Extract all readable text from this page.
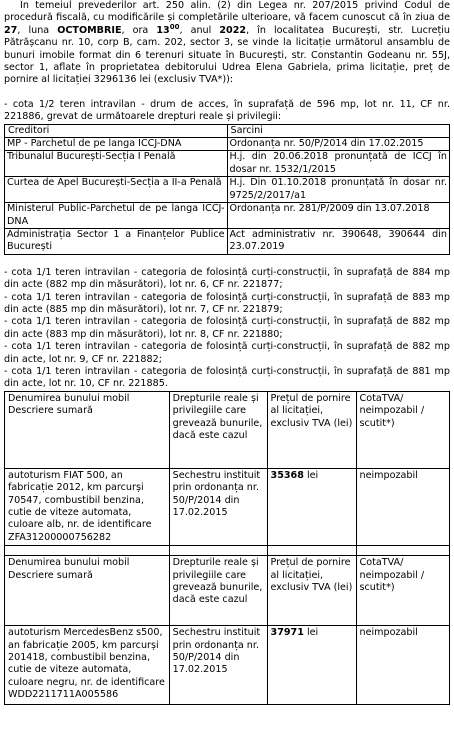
În temeiul prevederilor art. 250 alin. (2) din Legea nr. 207/2015 privind Codul de procedură fiscală, cu modificările și completările ulterioare, vă facem cunoscut că în ziua de 27, luna OCTOMBRIE, ora $13^{00}$, anul 2022, în localitatea București, str. Lucrețiu Pătrășcanu nr. 10, corp B, cam. 202, sector 3, se vinde la licitație următorul ansamblu de bunuri imobile format din 6 terenuri situate în București, str. Constantin Godeanu nr. 55J, sector 1, aflate în proprietatea debitorului Udrea Elena Gabriela, prima licitație, preț de pornire al licitației 3296136 lei (exclusiv TVA*)):

- cota 1/2 teren intravilan - drum de acces, în suprafață de 596 mp, lot nr. 11, CF nr. 221886, grevat de următoarele drepturi reale și privilegii:

Creditori	Sarcini
MP - Parchetul de pe langa ICCJ-DNA	Ordonanța nr. 50/P/2014 din 17.02.2015
Tribunalul București-Secția I Penală	H.j. din 20.06.2018 pronunțată de ICCJ în dosar nr. 1532/1/2015
Curtea de Apel București-Secția a II-a Penală	H.j. Din 01.10.2018 pronunțată în dosar nr. 9725/2/2017/a1
Ministerul Public-Parchetul de pe langa ICCJ-DNA	Ordonanța nr. 281/P/2009 din 13.07.2018
Administrația Sector 1 a Finanțelor Publice București	Act administrativ nr. 390648, 390644 din 23.07.2019

- cota 1/1 teren intravilan - categoria de folosință curți-construcții, în suprafață de 884 mp din acte (882 mp din măsurători), lot nr. 6, CF nr. 221877;

- cota 1/1 teren intravilan - categoria de folosință curți-construcții, în suprafață de 883 mp din acte (885 mp din măsurători), lot nr. 7, CF nr. 221879;

- cota 1/1 teren intravilan - categoria de folosință curți-construcții, în suprafață de 882 mp din acte (883 mp din măsurători), lot nr. 8, CF nr. 221880;

- cota 1/1 teren intravilan - categoria de folosință curți-construcții, în suprafață de 882 mp din acte, lot nr. 9, CF nr. 221882;

- cota 1/1 teren intravilan - categoria de folosință curți-construcții, în suprafață de 881 mp din acte, lot nr. 10, CF nr. 221885.

Denumirea bunului mobil Descriere sumară	Drepturile reale și privilegiile care grevează bunurile, dacă este cazul	Prețul de pornire al licitației, exclusiv TVA (lei)	CotaTVA/ neimpozabil / scutit*)
autoturism FIAT 500, an fabricație 2012, km parcurși 70547, combustibil benzina, cutie de viteze automata, culoare alb, nr. de identificare ZFA31200000756282	Sechestru instituit prin ordonanța nr. 50/P/2014 din 17.02.2015	35368 lei	neimpozabil

Denumirea bunului mobil Descriere sumară	Drepturile reale și privilegiile care grevează bunurile, dacă este cazul	Prețul de pornire al licitației, exclusiv TVA (lei)	CotaTVA/ neimpozabil / scutit*)
autoturism MercedesBenz s500, an fabricație 2005, km parcurși 201418, combustibil benzina, cutie de viteze automata, culoare negru, nr. de identificare WDD2211711A005586	Sechestru instituit prin ordonanța nr. 50/P/2014 din 17.02.2015	37971 lei	neimpozabil
